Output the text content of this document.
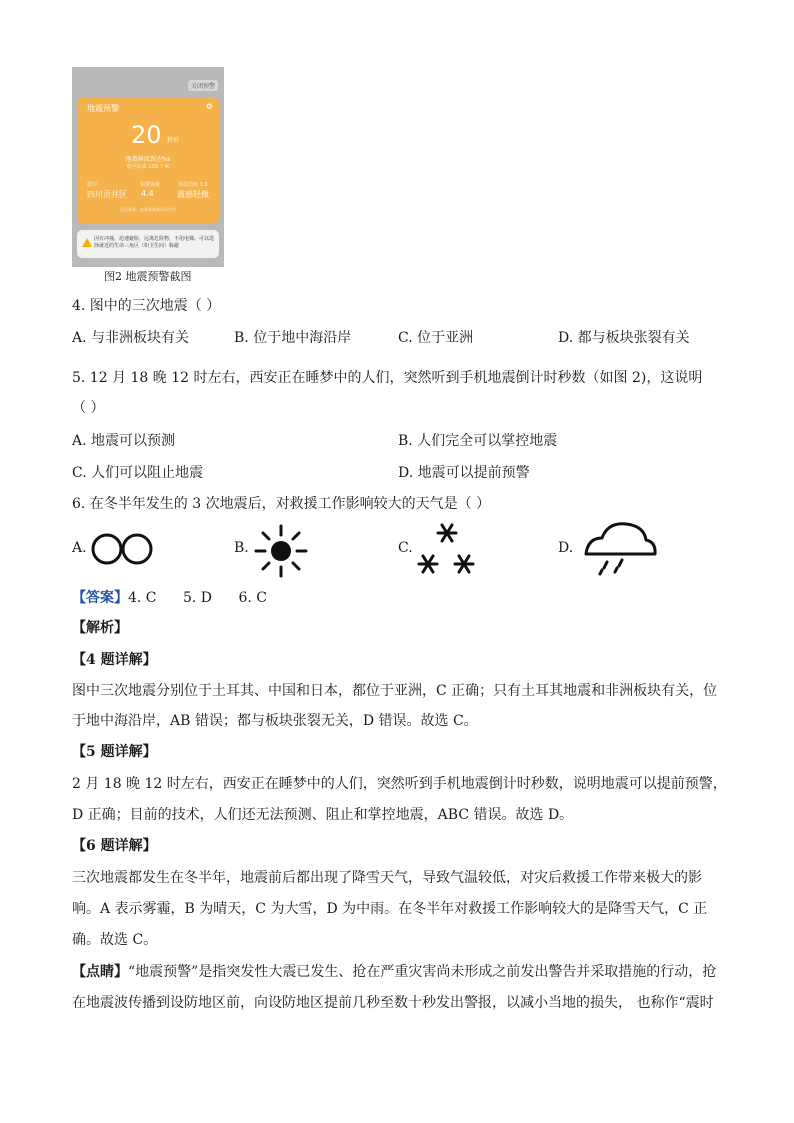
关闭预警
地震预警	⚙
20 秒后
地震横波到达%s
震中距离 139 千米
震中
四川贡井区
预警震级
4.4
预估烈度 1.0
震感轻微
信息来源：成都高新减灾研究所
因有冲撞，迅速避险，远离危险物，不用电梯。可以选择就近的生命三角区（如卫生间）躲避
图2 地震预警截图
4. 图中的三次地震（ ）
A. 与非洲板块有关	B. 位于地中海沿岸	C. 位于亚洲	D. 都与板块张裂有关
5. 12 月 18 晚 12 时左右，西安正在睡梦中的人们，突然听到手机地震倒计时秒数（如图 2)，这说明
（ ）
A. 地震可以预测	B. 人们完全可以掌控地震
C. 人们可以阻止地震	D. 地震可以提前预警
6. 在冬半年发生的 3 次地震后，对救援工作影响较大的天气是（ ）
A.	B.	C.	D.
【答案】4. C 5. D 6. C
【解析】
【4 题详解】
图中三次地震分别位于土耳其、中国和日本，都位于亚洲，C 正确；只有土耳其地震和非洲板块有关，位
于地中海沿岸，AB 错误；都与板块张裂无关，D 错误。故选 C。
【5 题详解】
2 月 18 晚 12 时左右，西安正在睡梦中的人们，突然听到手机地震倒计时秒数，说明地震可以提前预警，
D 正确；目前的技术，人们还无法预测、阻止和掌控地震，ABC 错误。故选 D。
【6 题详解】
三次地震都发生在冬半年，地震前后都出现了降雪天气，导致气温较低，对灾后救援工作带来极大的影
响。A 表示雾霾，B 为晴天，C 为大雪，D 为中雨。在冬半年对救援工作影响较大的是降雪天气，C 正
确。故选 C。
【点睛】“地震预警”是指突发性大震已发生、抢在严重灾害尚未形成之前发出警告并采取措施的行动，抢
在地震波传播到设防地区前，向设防地区提前几秒至数十秒发出警报，以减小当地的损失， 也称作“震时
